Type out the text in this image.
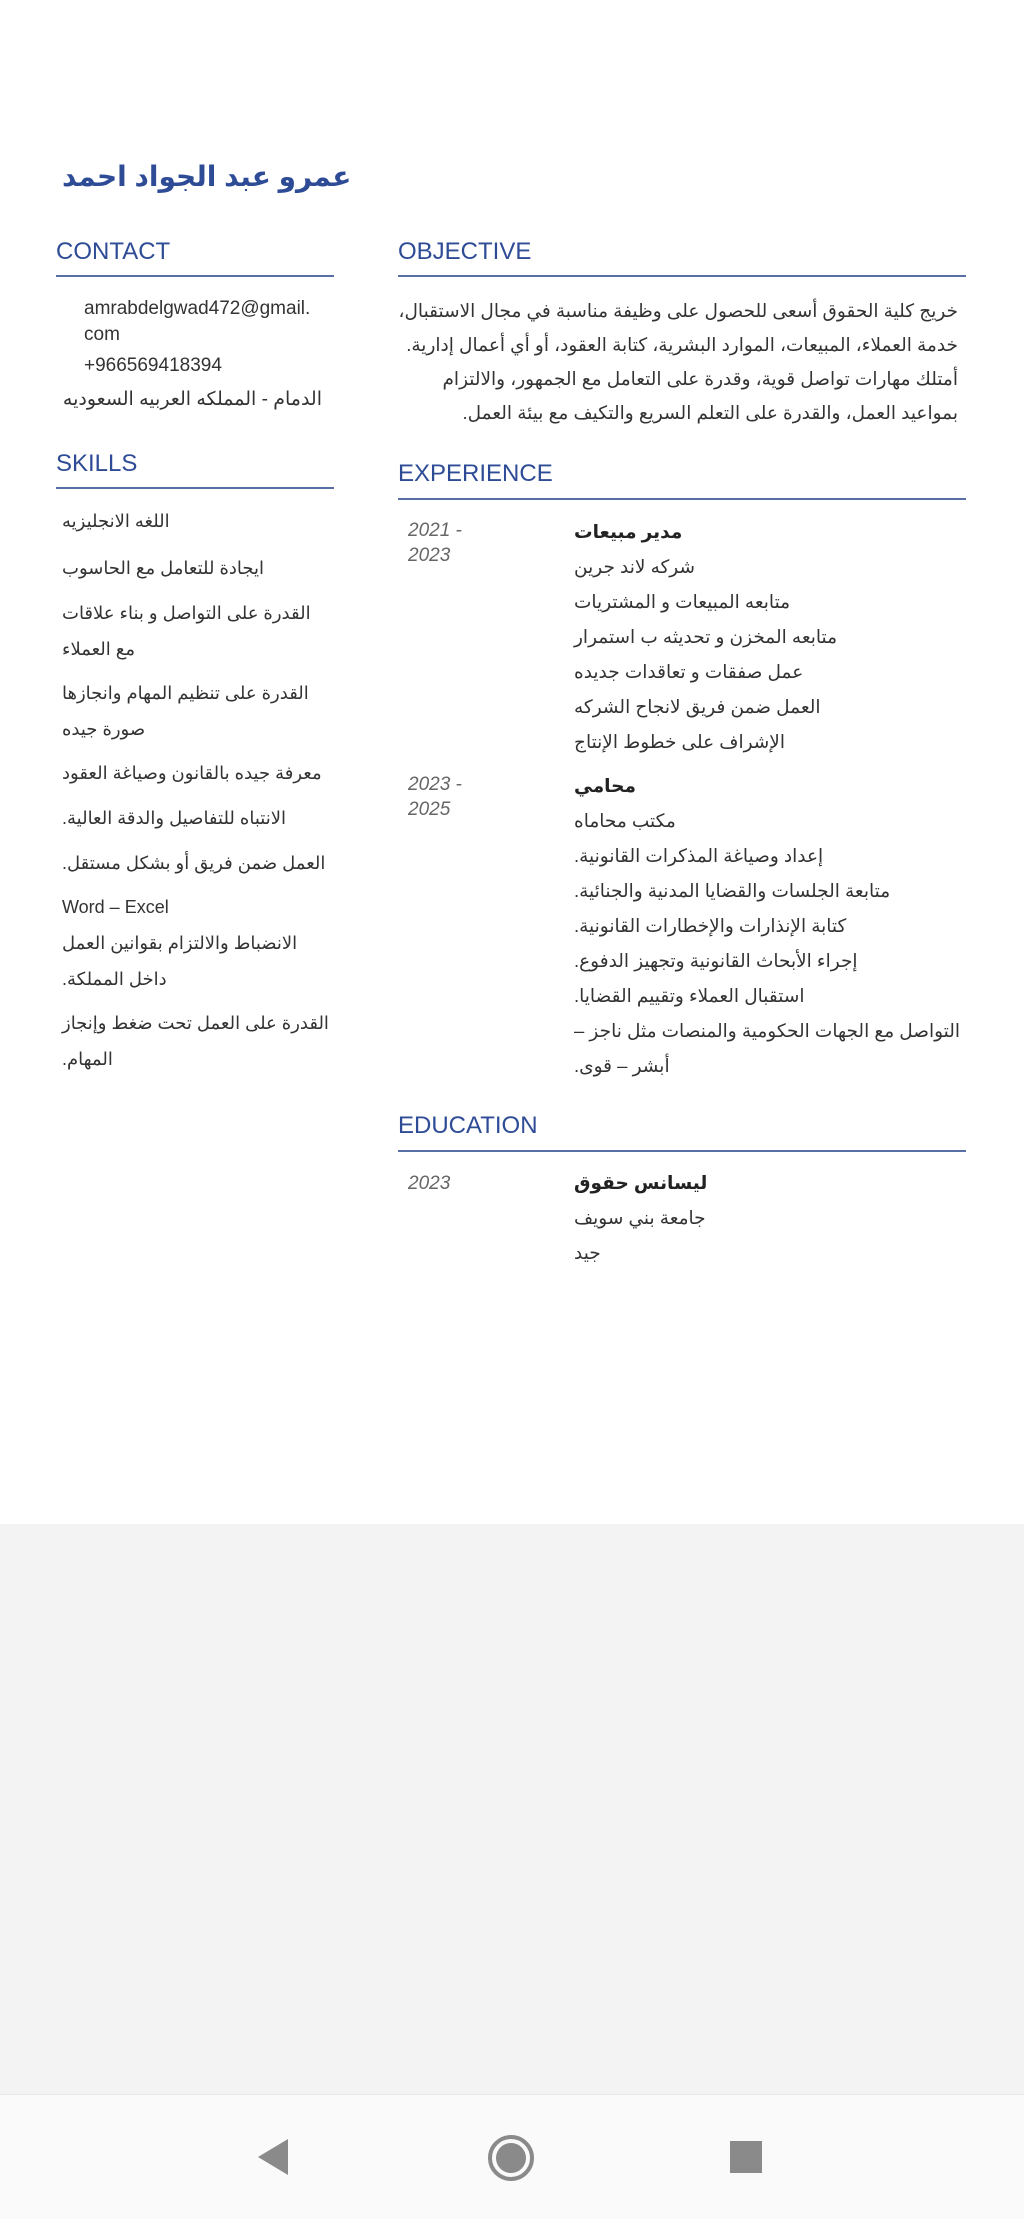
عمرو عبد الجواد احمد
CONTACT
amrabdelgwad472@gmail.
com
+966569418394
الدمام - المملكه العربيه السعوديه
SKILLS
اللغه الانجليزيه
ايجادة للتعامل مع الحاسوب
القدرة على التواصل و بناء علاقات
مع العملاء
القدرة على تنظيم المهام وانجازها
صورة جيده
معرفة جيده بالقانون وصياغة العقود
الانتباه للتفاصيل والدقة العالية.
العمل ضمن فريق أو بشكل مستقل.
Word – Excel
الانضباط والالتزام بقوانين العمل
داخل المملكة.
القدرة على العمل تحت ضغط وإنجاز
المهام.
OBJECTIVE
خريج كلية الحقوق أسعى للحصول على وظيفة مناسبة في مجال الاستقبال،
خدمة العملاء، المبيعات، الموارد البشرية، كتابة العقود، أو أي أعمال إدارية.
أمتلك مهارات تواصل قوية، وقدرة على التعامل مع الجمهور، والالتزام
بمواعيد العمل، والقدرة على التعلم السريع والتكيف مع بيئة العمل.
EXPERIENCE
2021 -
2023
مدير مبيعات
شركه لاند جرين
متابعه المبيعات و المشتريات
متابعه المخزن و تحديثه ب استمرار
عمل صفقات و تعاقدات جديده
العمل ضمن فريق لانجاح الشركه
الإشراف على خطوط الإنتاج
2023 -
2025
محامي
مكتب محاماه
إعداد وصياغة المذكرات القانونية.
متابعة الجلسات والقضايا المدنية والجنائية.
كتابة الإنذارات والإخطارات القانونية.
إجراء الأبحاث القانونية وتجهيز الدفوع.
استقبال العملاء وتقييم القضايا.
التواصل مع الجهات الحكومية والمنصات مثل ناجز –
أبشر – قوى.
EDUCATION
2023	ليسانس حقوق
جامعة بني سويف
جيد
